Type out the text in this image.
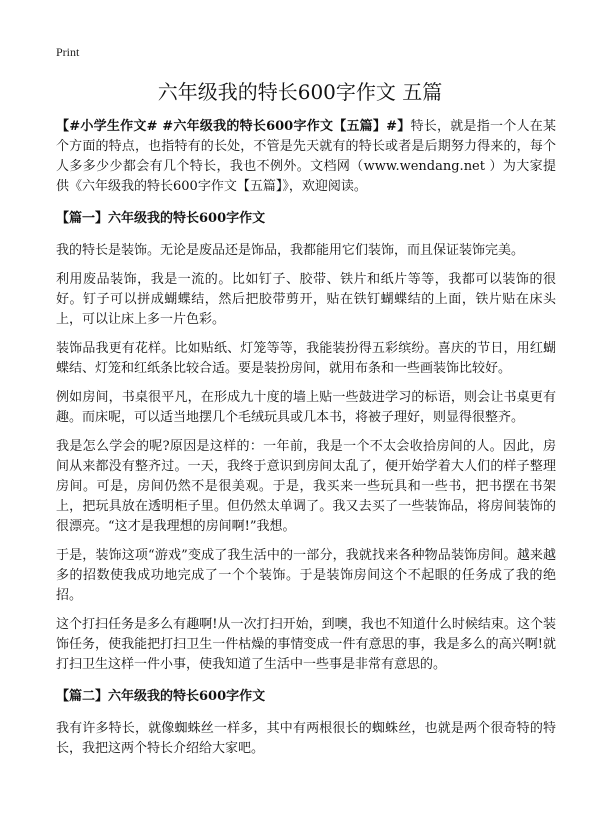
Print
六年级我的特长600字作文 五篇

【#小学生作文# #六年级我的特长600字作文【五篇】#】特长，就是指一个人在某个方面的特点，也指特有的长处，不管是先天就有的特长或者是后期努力得来的，每个人多多少少都会有几个特长，我也不例外。文档网（www.wendang.net ）为大家提供《六年级我的特长600字作文【五篇】》，欢迎阅读。

【篇一】六年级我的特长600字作文

我的特长是装饰。无论是废品还是饰品，我都能用它们装饰，而且保证装饰完美。

利用废品装饰，我是一流的。比如钉子、胶带、铁片和纸片等等，我都可以装饰的很好。钉子可以拼成蝴蝶结，然后把胶带剪开，贴在铁钉蝴蝶结的上面，铁片贴在床头上，可以让床上多一片色彩。

装饰品我更有花样。比如贴纸、灯笼等等，我能装扮得五彩缤纷。喜庆的节日，用红蝴蝶结、灯笼和红纸条比较合适。要是装扮房间，就用布条和一些画装饰比较好。

例如房间，书桌很平凡，在形成九十度的墙上贴一些鼓进学习的标语，则会让书桌更有趣。而床呢，可以适当地摆几个毛绒玩具或几本书，将被子理好，则显得很整齐。

我是怎么学会的呢?原因是这样的：一年前，我是一个不太会收拾房间的人。因此，房间从来都没有整齐过。一天，我终于意识到房间太乱了，便开始学着大人们的样子整理房间。可是，房间仍然不是很美观。于是，我买来一些玩具和一些书，把书摆在书架上，把玩具放在透明柜子里。但仍然太单调了。我又去买了一些装饰品，将房间装饰的很漂亮。“这才是我理想的房间啊!”我想。

于是，装饰这项“游戏”变成了我生活中的一部分，我就找来各种物品装饰房间。越来越多的招数使我成功地完成了一个个装饰。于是装饰房间这个不起眼的任务成了我的绝招。

这个打扫任务是多么有趣啊!从一次打扫开始，到噢，我也不知道什么时候结束。这个装饰任务，使我能把打扫卫生一件枯燥的事情变成一件有意思的事，我是多么的高兴啊!就打扫卫生这样一件小事，使我知道了生活中一些事是非常有意思的。

【篇二】六年级我的特长600字作文

我有许多特长，就像蜘蛛丝一样多，其中有两根很长的蜘蛛丝，也就是两个很奇特的特长，我把这两个特长介绍给大家吧。
